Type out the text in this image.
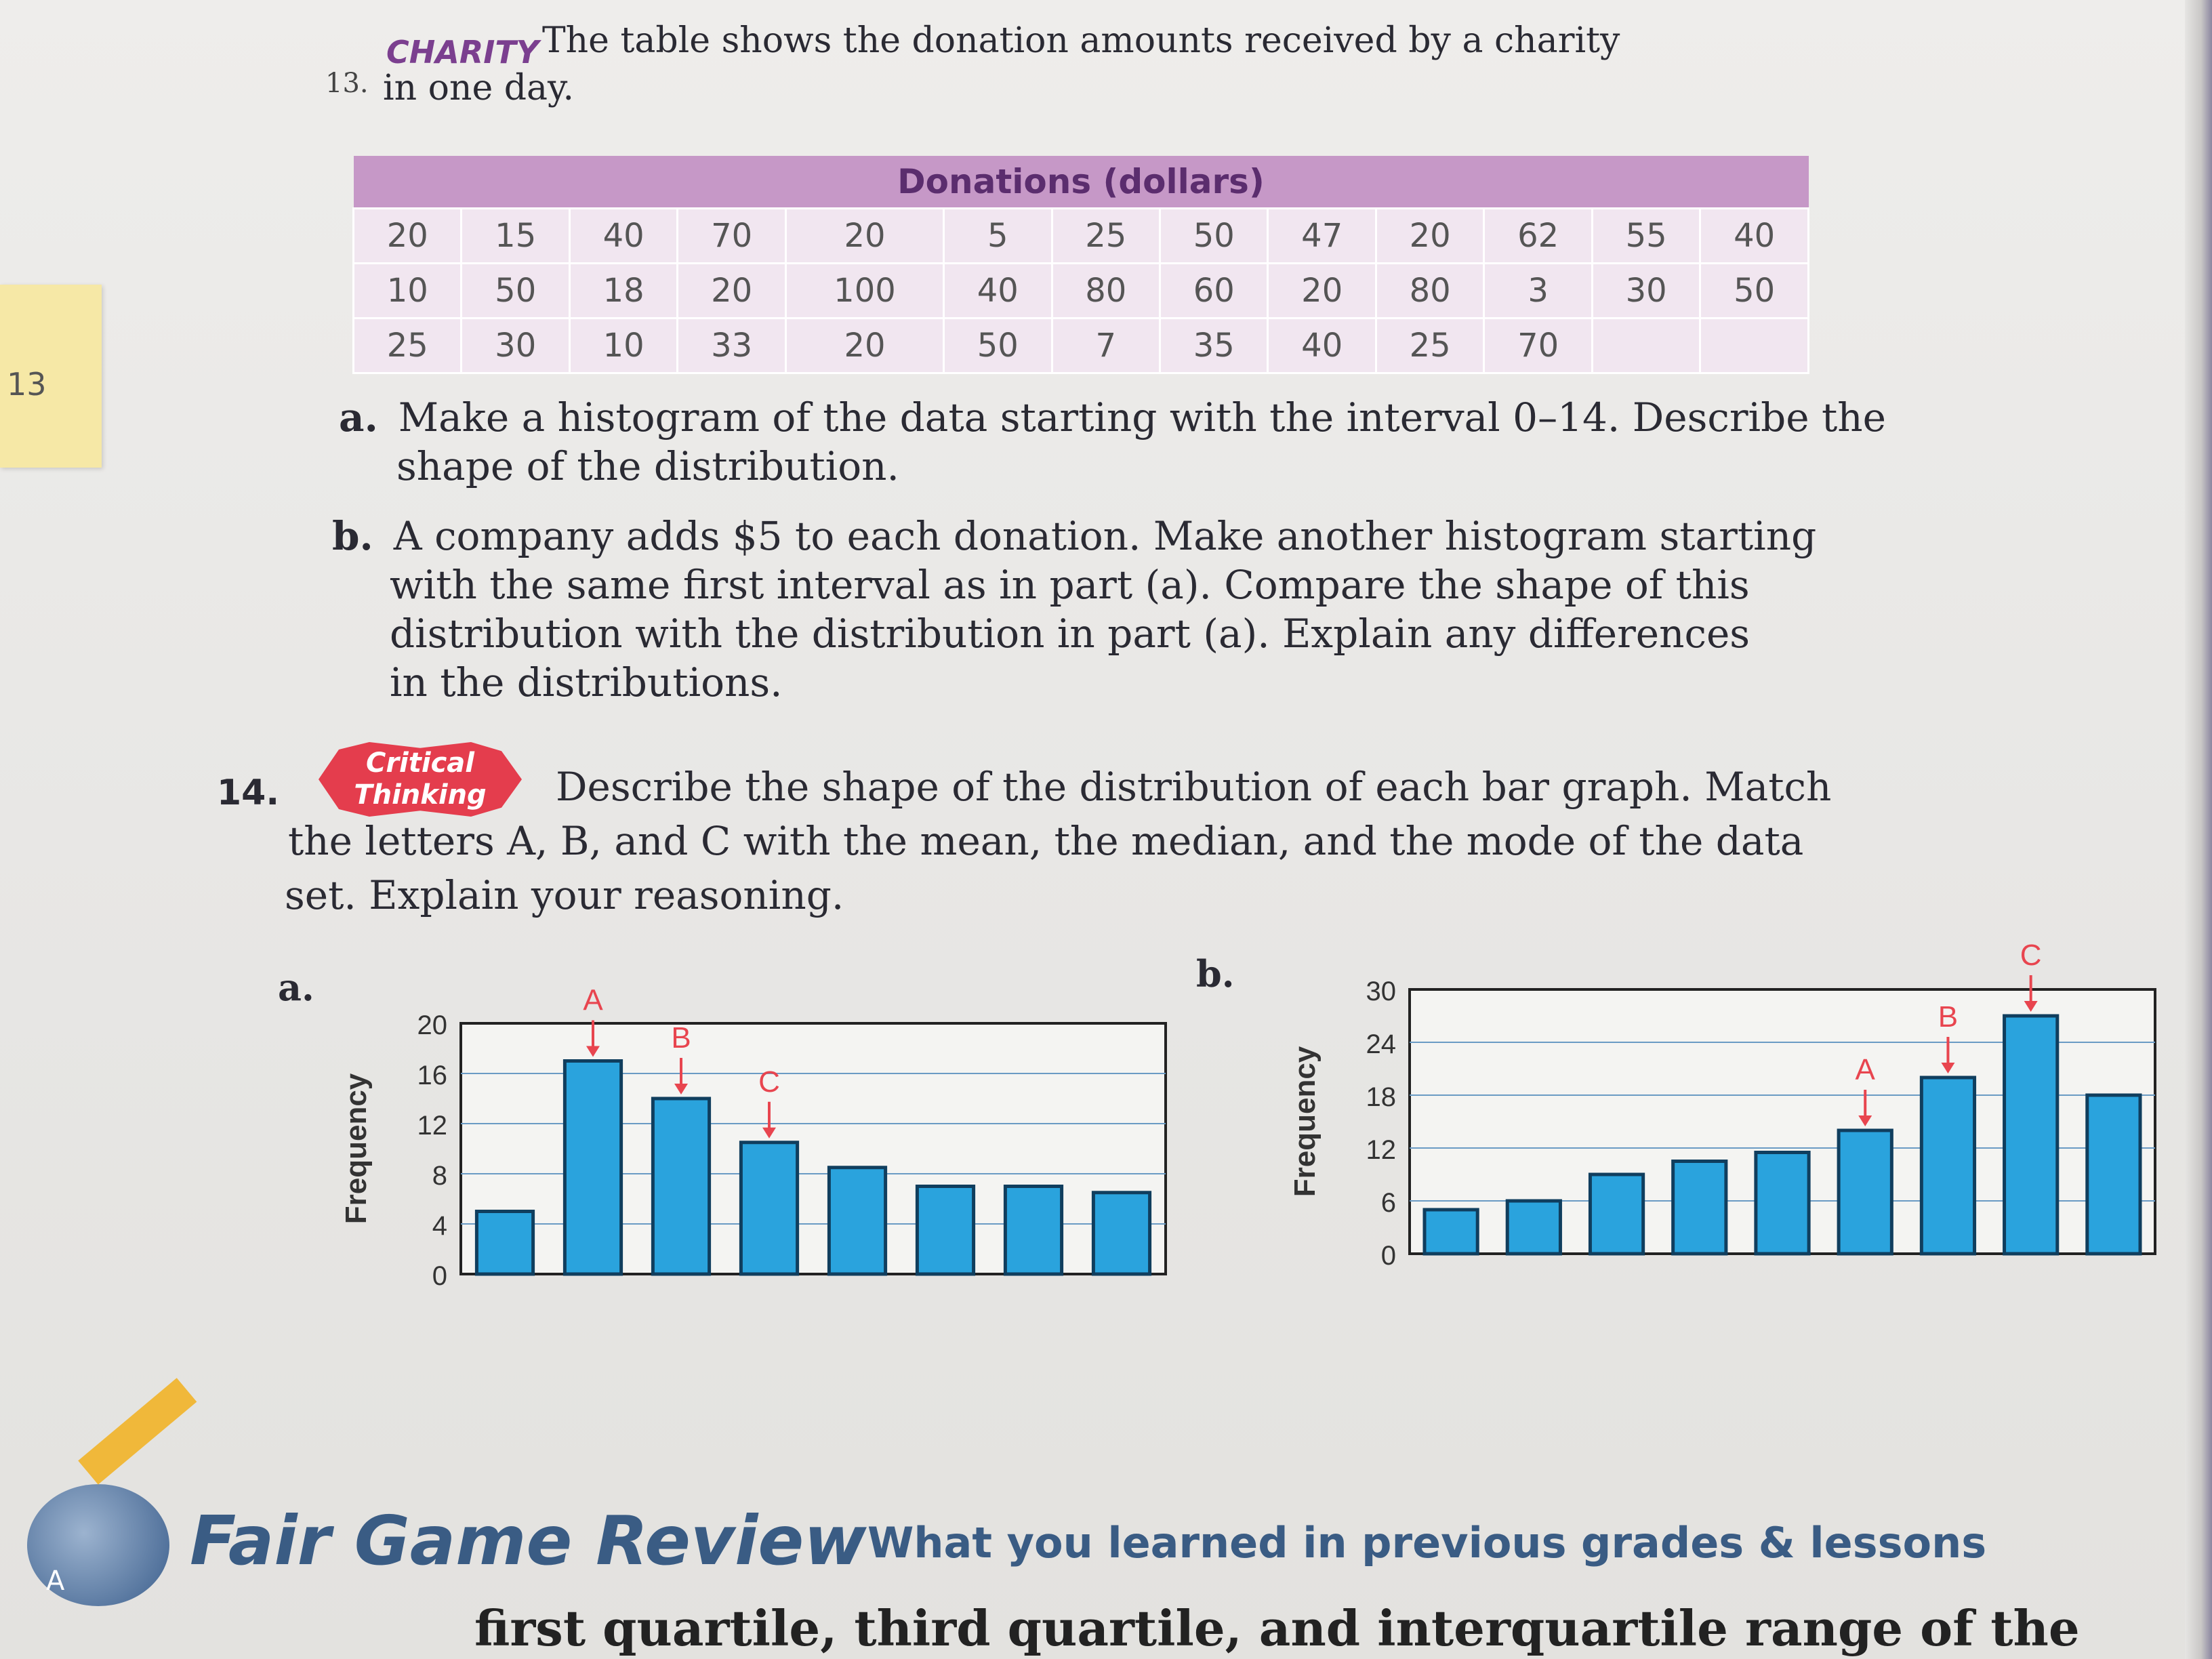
13
13.
CHARITY The table shows the donation amounts received by a charity
in one day.
Donations (dollars)												
20	15	40	70	20	5	25	50	47	20	62	55	40
10	50	18	20	100	40	80	60	20	80	3	30	50
25	30	10	33	20	50	7	35	40	25	70		
a. Make a histogram of the data starting with the interval 0–14. Describe the
shape of the distribution.
b. A company adds $5 to each donation. Make another histogram starting
with the same first interval as in part (a). Compare the shape of this
distribution with the distribution in part (a). Explain any differences
in the distributions.
14.
Critical
Thinking	Describe the shape of the distribution of each bar graph. Match
the letters A, B, and C with the mean, the median, and the mode of the data
set. Explain your reasoning.
a.	b.
0
4
8
12
16
20
Frequency
A
B
C
0
6
12
18
24
30
Frequency	A
B
C
A
Fair Game Review What you learned in previous grades & lessons
first quartile, third quartile, and interquartile range of the
